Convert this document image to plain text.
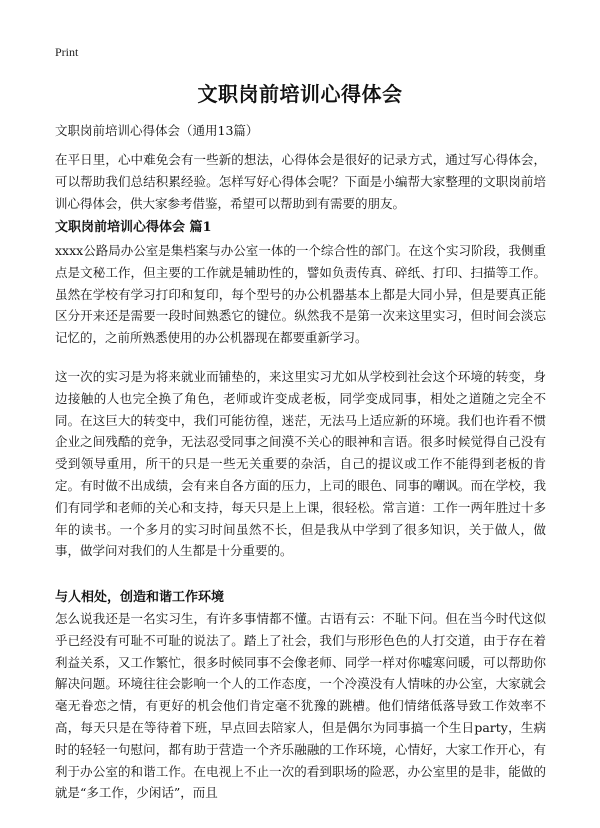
Print
文职岗前培训心得体会

文职岗前培训心得体会（通用13篇）

在平日里，心中难免会有一些新的想法，心得体会是很好的记录方式，通过写心得体会，可以帮助我们总结积累经验。怎样写好心得体会呢？下面是小编帮大家整理的文职岗前培训心得体会，供大家参考借鉴，希望可以帮助到有需要的朋友。

文职岗前培训心得体会 篇1

xxxx公路局办公室是集档案与办公室一体的一个综合性的部门。在这个实习阶段，我侧重点是文秘工作，但主要的工作就是辅助性的，譬如负责传真、碎纸、打印、扫描等工作。虽然在学校有学习打印和复印，每个型号的办公机器基本上都是大同小异，但是要真正能区分开来还是需要一段时间熟悉它的键位。纵然我不是第一次来这里实习，但时间会淡忘记忆的，之前所熟悉使用的办公机器现在都要重新学习。

这一次的实习是为将来就业而铺垫的，来这里实习尤如从学校到社会这个环境的转变，身边接触的人也完全换了角色，老师或许变成老板，同学变成同事，相处之道随之完全不同。在这巨大的转变中，我们可能彷徨，迷茫，无法马上适应新的环境。我们也许看不惯企业之间残酷的竞争，无法忍受同事之间漠不关心的眼神和言语。很多时候觉得自己没有受到领导重用，所干的只是一些无关重要的杂活，自己的提议或工作不能得到老板的肯定。有时做不出成绩，会有来自各方面的压力，上司的眼色、同事的嘲讽。而在学校，我们有同学和老师的关心和支持，每天只是上上课，很轻松。常言道：工作一两年胜过十多年的读书。一个多月的实习时间虽然不长，但是我从中学到了很多知识，关于做人，做事，做学问对我们的人生都是十分重要的。

与人相处，创造和谐工作环境

怎么说我还是一名实习生，有许多事情都不懂。古语有云：不耻下问。但在当今时代这似乎已经没有可耻不可耻的说法了。踏上了社会，我们与形形色色的人打交道，由于存在着利益关系，又工作繁忙，很多时候同事不会像老师、同学一样对你嘘寒问暖，可以帮助你解决问题。环境往往会影响一个人的工作态度，一个冷漠没有人情味的办公室，大家就会毫无眷恋之情，有更好的机会他们肯定毫不犹豫的跳槽。他们情绪低落导致工作效率不高，每天只是在等待着下班，早点回去陪家人，但是偶尔为同事搞一个生日party，生病时的轻轻一句慰问，都有助于营造一个齐乐融融的工作环境，心情好，大家工作开心，有利于办公室的和谐工作。在电视上不止一次的看到职场的险恶，办公室里的是非，能做的就是“多工作，少闲话”，而且
